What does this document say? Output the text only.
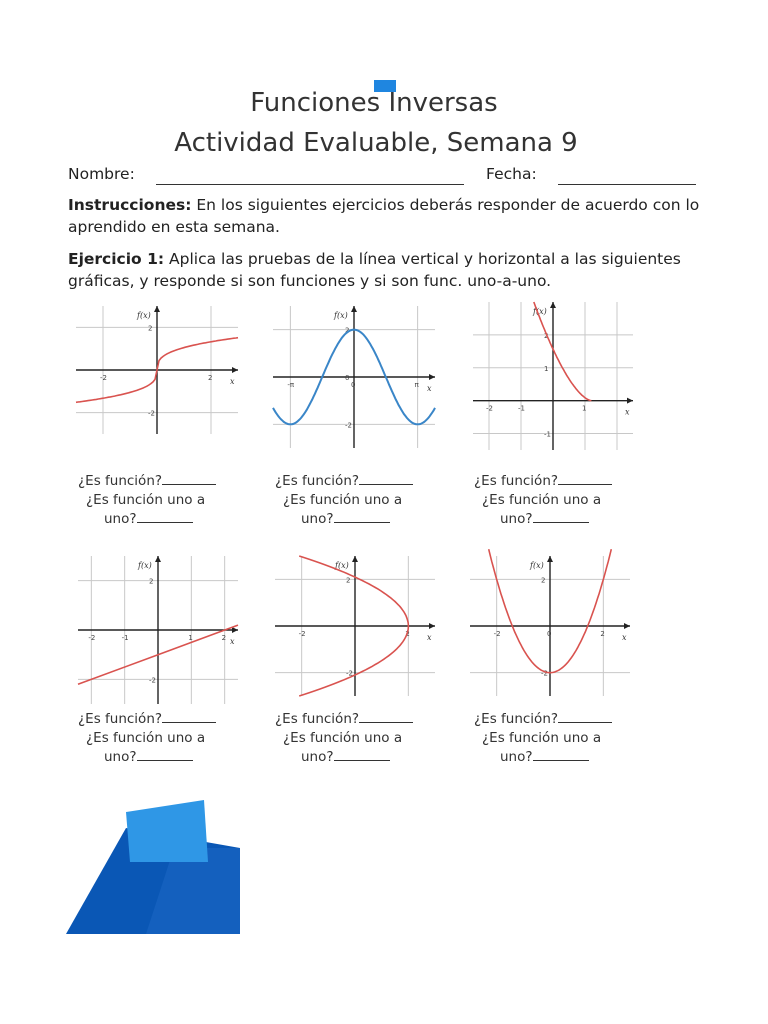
Funciones Inversas
Actividad Evaluable, Semana 9
Nombre:	Fecha:
Instrucciones: En los siguientes ejercicios deberás responder de acuerdo con lo aprendido en esta semana.
Ejercicio 1: Aplica las pruebas de la línea vertical y horizontal a las siguientes gráficas, y responde si son funciones y si son func. uno-a-uno.
f(x)
x
-2	2
2
-2
f(x)
x
-π	0	π
2
0
-2
f(x)
x
-2	-1	1
2
1
-1
f(x)
x
-2	-1	1	2
2
-2
f(x)
x
-2	2
2
-2
f(x)
x
-2	0	2
2
-2
¿Es función?
¿Es función uno a
uno?
¿Es función?
¿Es función uno a
uno?
¿Es función?
¿Es función uno a
uno?
¿Es función?
¿Es función uno a
uno?
¿Es función?
¿Es función uno a
uno?
¿Es función?
¿Es función uno a
uno?
